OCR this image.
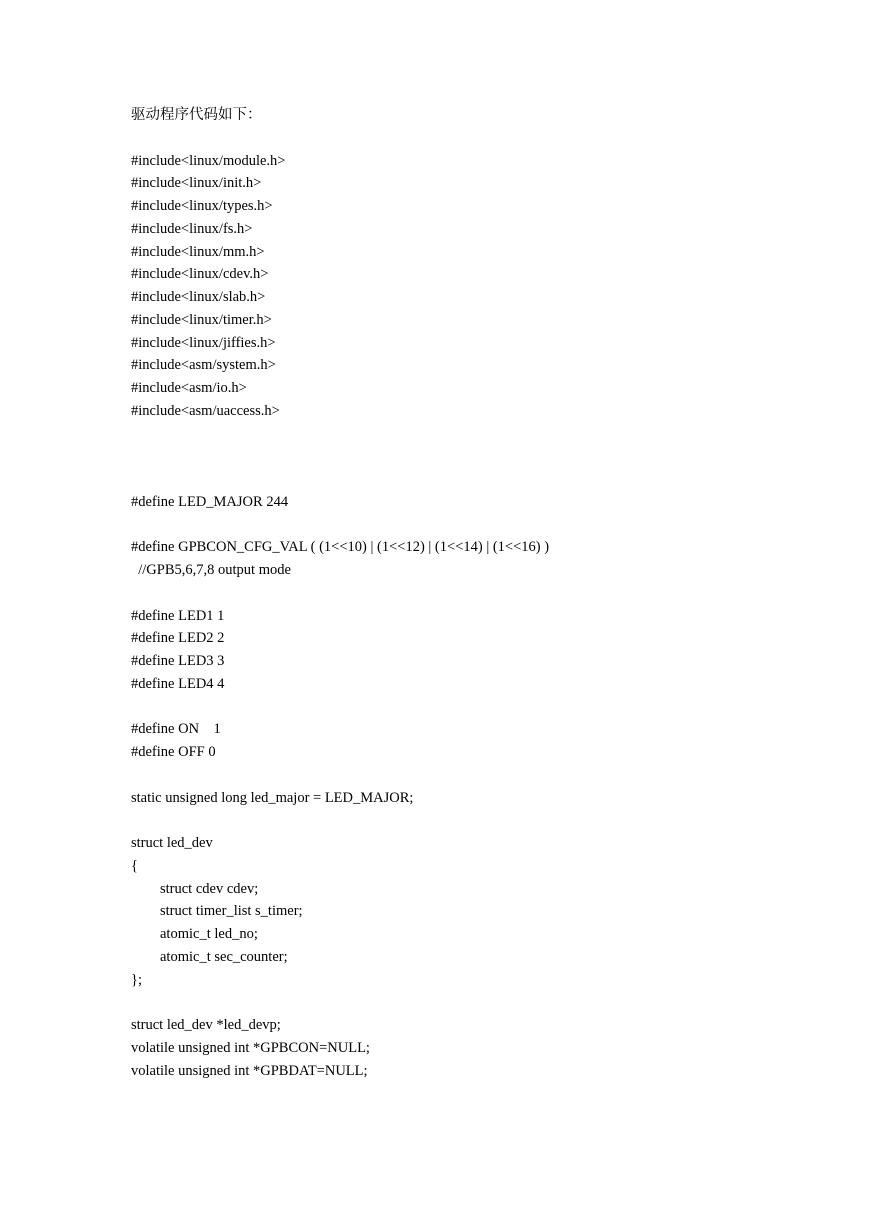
驱动程序代码如下：
#include<linux/module.h>
#include<linux/init.h>
#include<linux/types.h>
#include<linux/fs.h>
#include<linux/mm.h>
#include<linux/cdev.h>
#include<linux/slab.h>
#include<linux/timer.h>
#include<linux/jiffies.h>
#include<asm/system.h>
#include<asm/io.h>
#include<asm/uaccess.h>
#define LED_MAJOR 244
#define GPBCON_CFG_VAL ( (1<<10) | (1<<12) | (1<<14) | (1<<16) )
//GPB5,6,7,8 output mode
#define LED1 1
#define LED2 2
#define LED3 3
#define LED4 4
#define ON    1
#define OFF 0
static unsigned long led_major = LED_MAJOR;
struct led_dev
{
struct cdev cdev;
struct timer_list s_timer;
atomic_t led_no;
atomic_t sec_counter;
};
struct led_dev *led_devp;
volatile unsigned int *GPBCON=NULL;
volatile unsigned int *GPBDAT=NULL;
